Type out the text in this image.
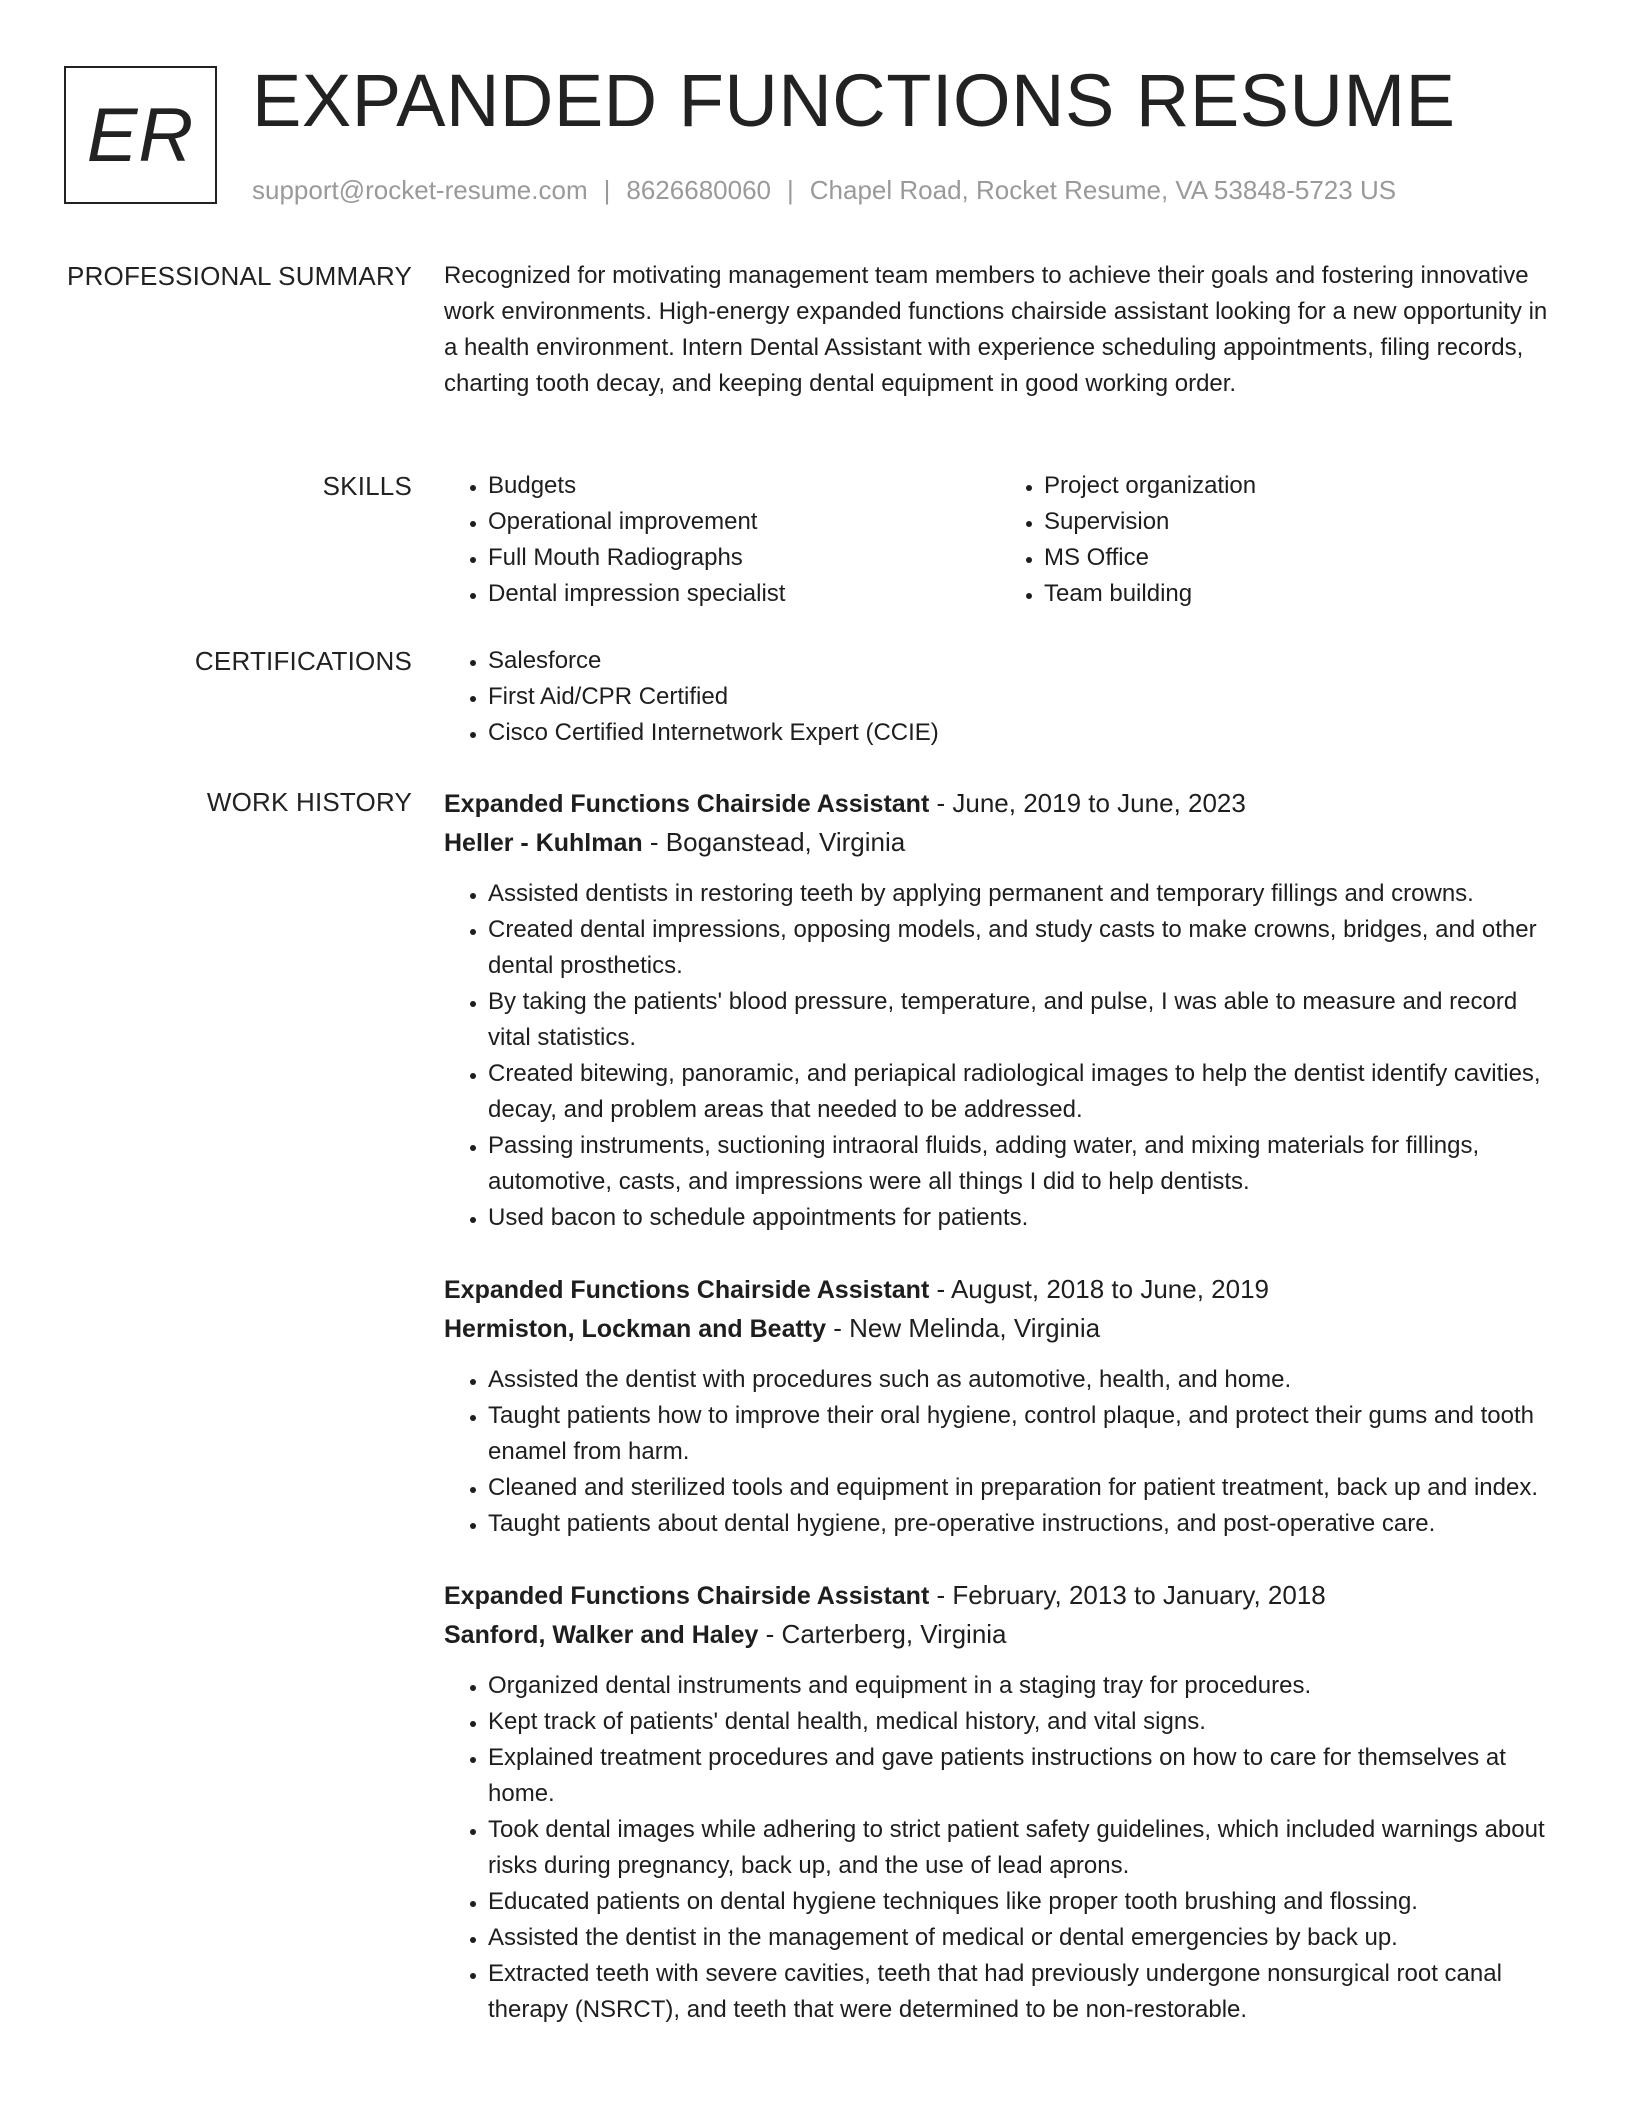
ER EXPANDED FUNCTIONS RESUME
support@rocket-resume.com | 8626680060 | Chapel Road, Rocket Resume, VA 53848-5723 US
PROFESSIONAL SUMMARY Recognized for motivating management team members to achieve their goals and fostering innovative work environments. High-energy expanded functions chairside assistant looking for a new opportunity in a health environment. Intern Dental Assistant with experience scheduling appointments, filing records, charting tooth decay, and keeping dental equipment in good working order.

SKILLS	• Budgets
• Operational improvement
• Full Mouth Radiographs
• Dental impression specialist
• Project organization
• Supervision
• MS Office
• Team building
CERTIFICATIONS	• Salesforce
• First Aid/CPR Certified
• Cisco Certified Internetwork Expert (CCIE)
WORK HISTORY Expanded Functions Chairside Assistant - June, 2019 to June, 2023
Heller - Kuhlman - Boganstead, Virginia
• Assisted dentists in restoring teeth by applying permanent and temporary fillings and crowns.
• Created dental impressions, opposing models, and study casts to make crowns, bridges, and other dental prosthetics.
• By taking the patients' blood pressure, temperature, and pulse, I was able to measure and record vital statistics.
• Created bitewing, panoramic, and periapical radiological images to help the dentist identify cavities, decay, and problem areas that needed to be addressed.
• Passing instruments, suctioning intraoral fluids, adding water, and mixing materials for fillings, automotive, casts, and impressions were all things I did to help dentists.
• Used bacon to schedule appointments for patients.
Expanded Functions Chairside Assistant - August, 2018 to June, 2019
Hermiston, Lockman and Beatty - New Melinda, Virginia
• Assisted the dentist with procedures such as automotive, health, and home.
• Taught patients how to improve their oral hygiene, control plaque, and protect their gums and tooth enamel from harm.
• Cleaned and sterilized tools and equipment in preparation for patient treatment, back up and index.
• Taught patients about dental hygiene, pre-operative instructions, and post-operative care.
Expanded Functions Chairside Assistant - February, 2013 to January, 2018
Sanford, Walker and Haley - Carterberg, Virginia
• Organized dental instruments and equipment in a staging tray for procedures.
• Kept track of patients' dental health, medical history, and vital signs.
• Explained treatment procedures and gave patients instructions on how to care for themselves at home.
• Took dental images while adhering to strict patient safety guidelines, which included warnings about risks during pregnancy, back up, and the use of lead aprons.
• Educated patients on dental hygiene techniques like proper tooth brushing and flossing.
• Assisted the dentist in the management of medical or dental emergencies by back up.
• Extracted teeth with severe cavities, teeth that had previously undergone nonsurgical root canal therapy (NSRCT), and teeth that were determined to be non-restorable.
